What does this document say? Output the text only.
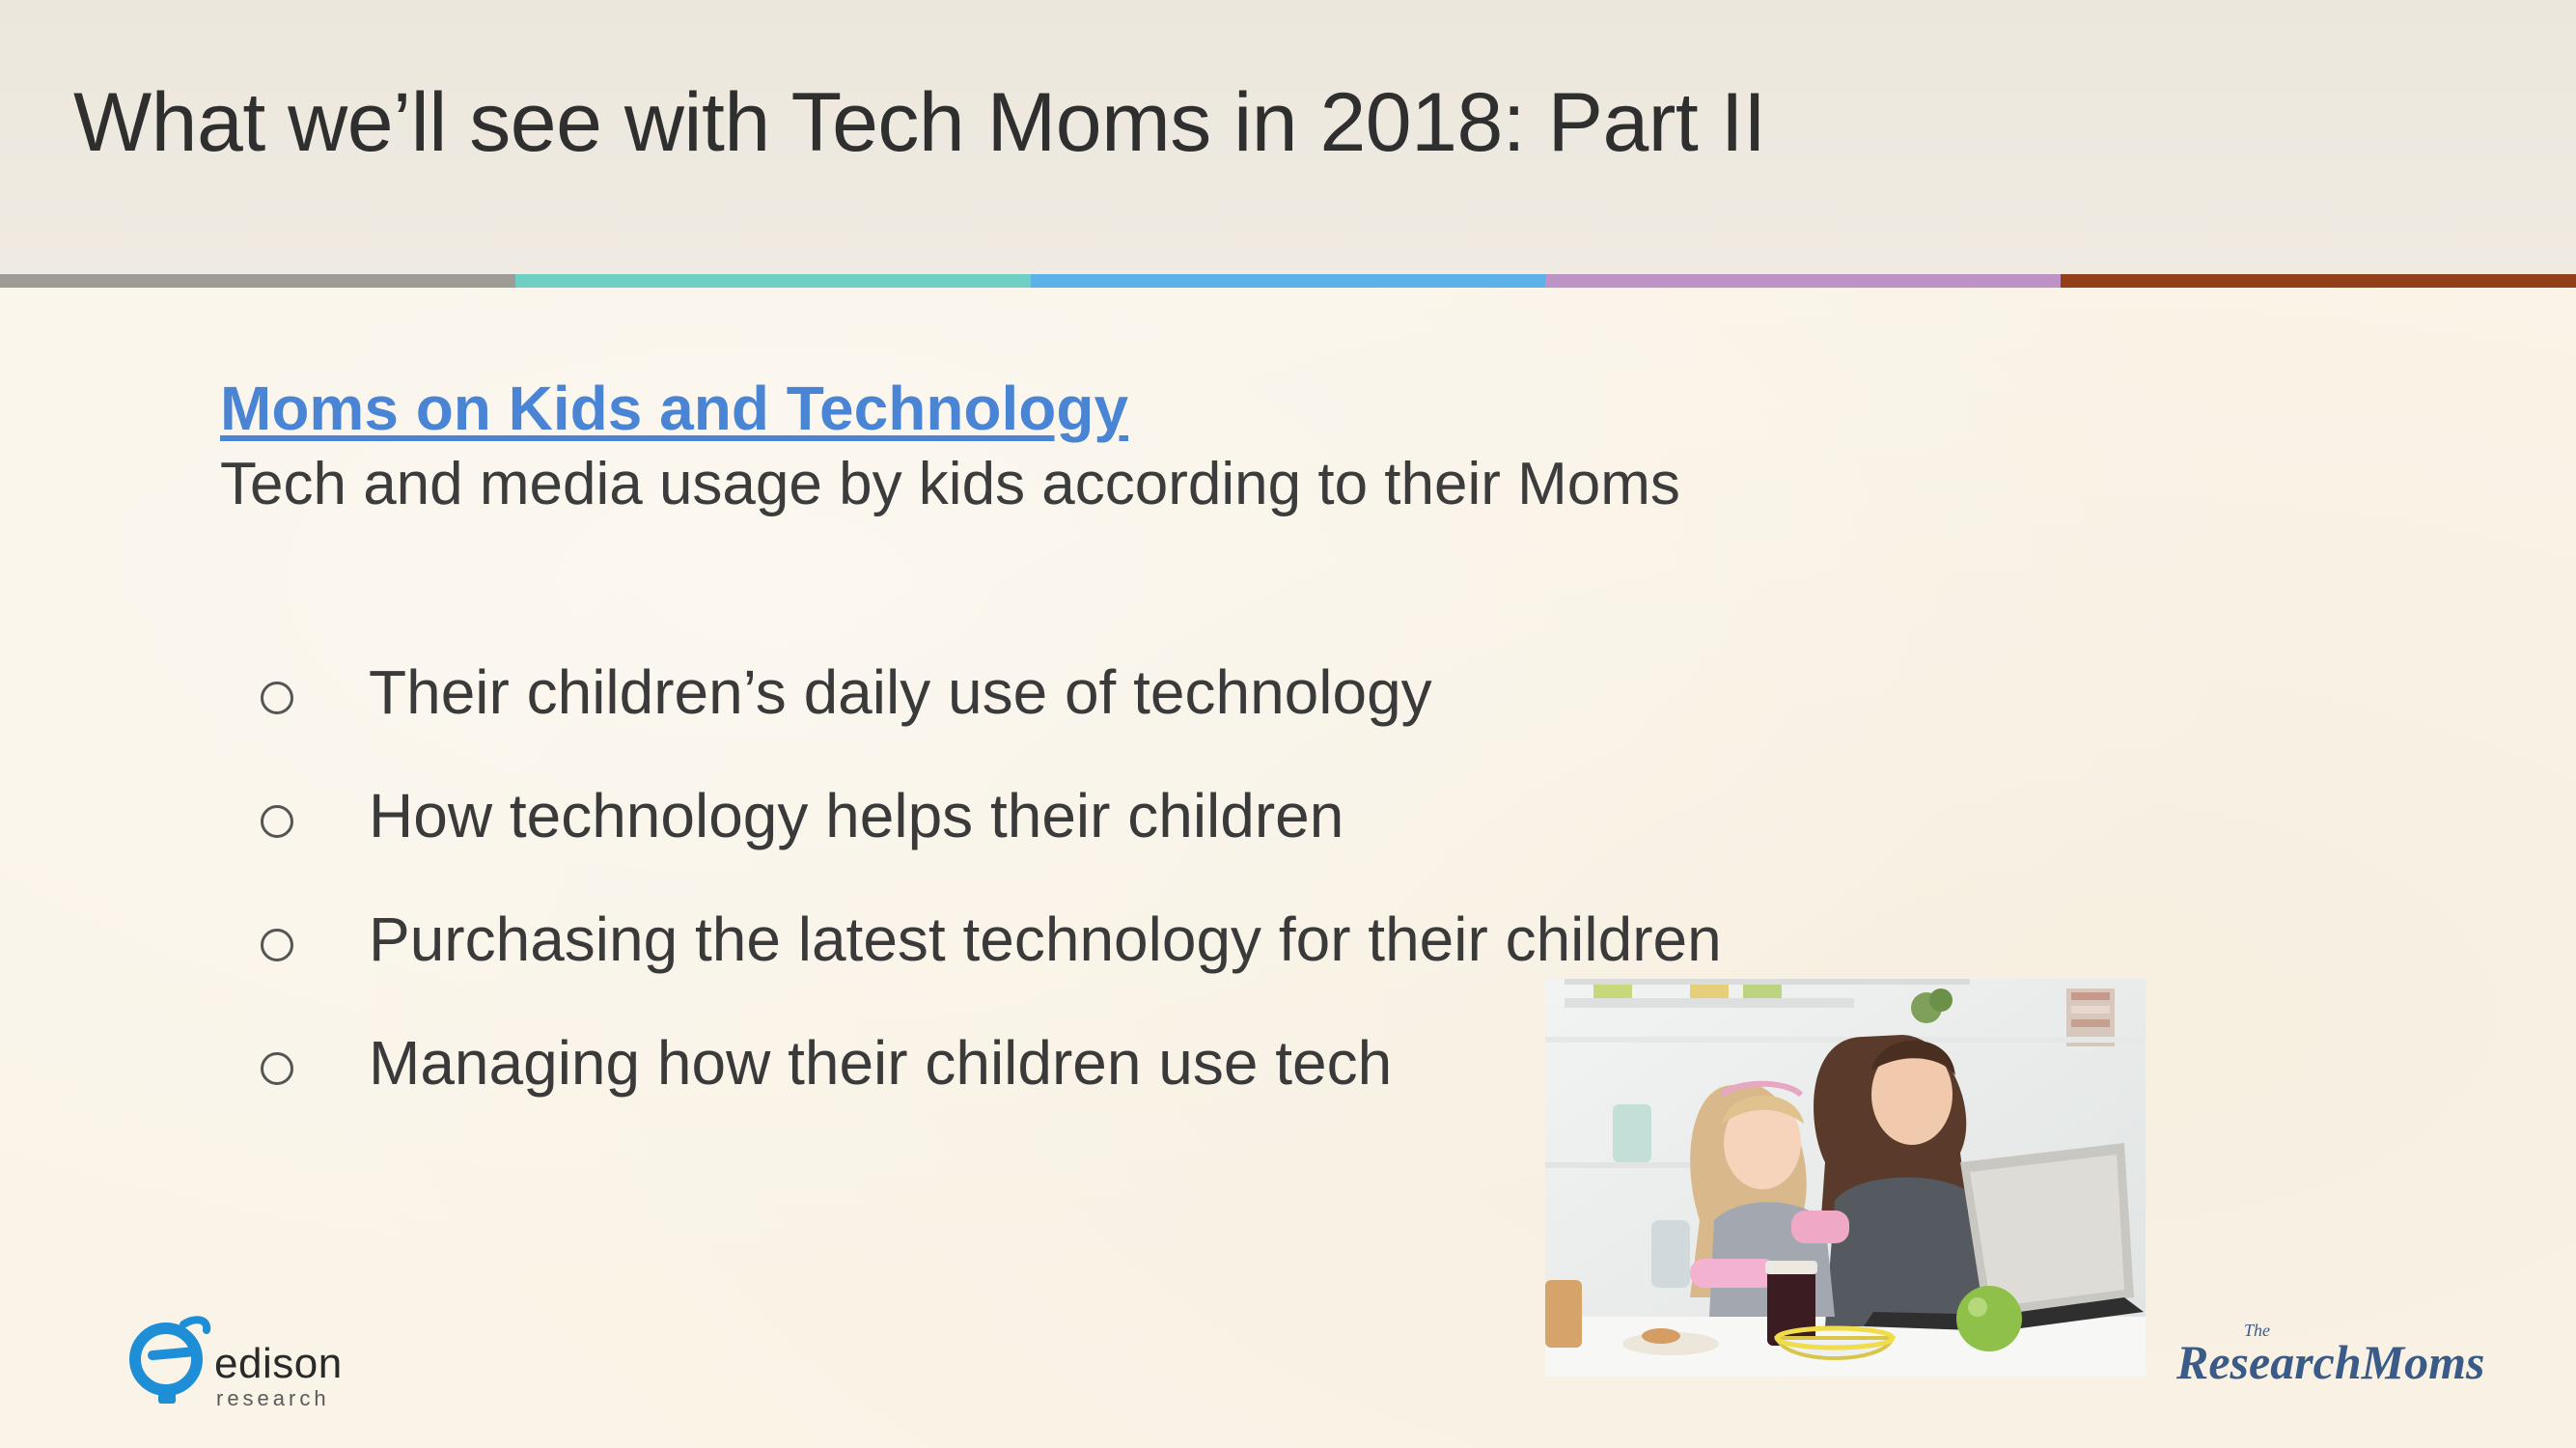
What we’ll see with Tech Moms in 2018: Part II
Moms on Kids and Technology
Tech and media usage by kids according to their Moms
Their children’s daily use of technology
How technology helps their children
Purchasing the latest technology for their children
Managing how their children use tech
edison
research
The
ResearchMoms
